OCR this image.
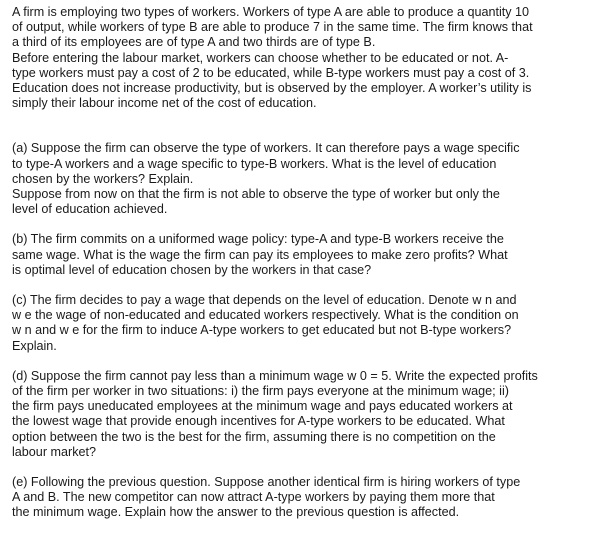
A firm is employing two types of workers. Workers of type A are able to produce a quantity 10
of output, while workers of type B are able to produce 7 in the same time. The firm knows that
a third of its employees are of type A and two thirds are of type B.
Before entering the labour market, workers can choose whether to be educated or not. A-
type workers must pay a cost of 2 to be educated, while B-type workers must pay a cost of 3.
Education does not increase productivity, but is observed by the employer. A worker’s utility is
simply their labour income net of the cost of education.
(a) Suppose the firm can observe the type of workers. It can therefore pays a wage specific
to type-A workers and a wage specific to type-B workers. What is the level of education
chosen by the workers? Explain.
Suppose from now on that the firm is not able to observe the type of worker but only the
level of education achieved.
(b) The firm commits on a uniformed wage policy: type-A and type-B workers receive the
same wage. What is the wage the firm can pay its employees to make zero profits? What
is optimal level of education chosen by the workers in that case?
(c) The firm decides to pay a wage that depends on the level of education. Denote w n and
w e the wage of non-educated and educated workers respectively. What is the condition on
w n and w e for the firm to induce A-type workers to get educated but not B-type workers?
Explain.
(d) Suppose the firm cannot pay less than a minimum wage w 0 = 5. Write the expected profits
of the firm per worker in two situations: i) the firm pays everyone at the minimum wage; ii)
the firm pays uneducated employees at the minimum wage and pays educated workers at
the lowest wage that provide enough incentives for A-type workers to be educated. What
option between the two is the best for the firm, assuming there is no competition on the
labour market?
(e) Following the previous question. Suppose another identical firm is hiring workers of type
A and B. The new competitor can now attract A-type workers by paying them more that
the minimum wage. Explain how the answer to the previous question is affected.
